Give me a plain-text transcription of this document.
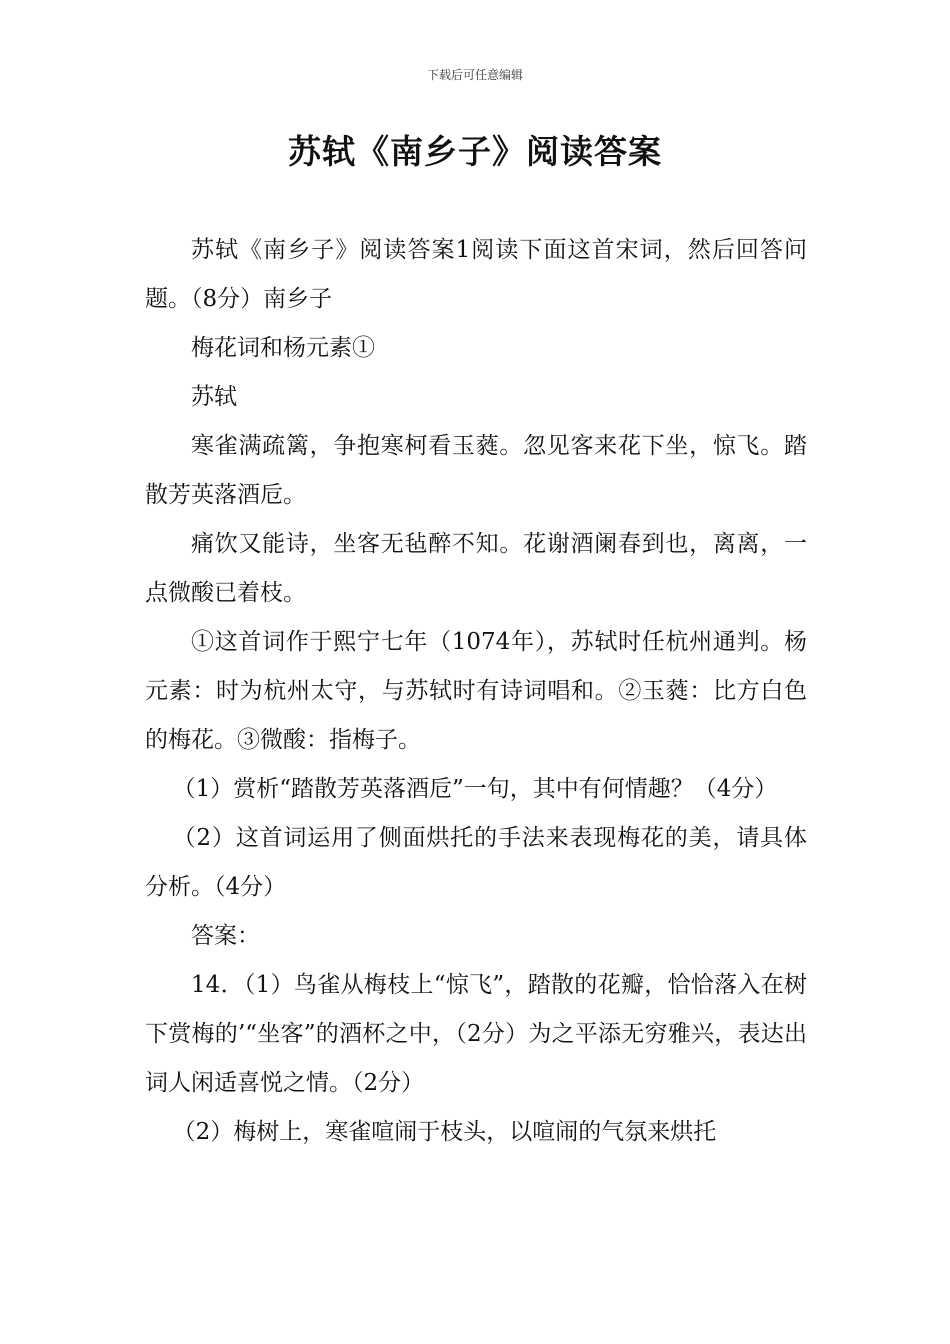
下载后可任意编辑
苏轼《南乡子》阅读答案

苏轼《南乡子》阅读答案1阅读下面这首宋词，然后回答问题。（8分）南乡子

梅花词和杨元素①

苏轼

寒雀满疏篱，争抱寒柯看玉蕤。忽见客来花下坐，惊飞。踏散芳英落酒卮。

痛饮又能诗，坐客无毡醉不知。花谢酒阑春到也，离离，一点微酸已着枝。

①这首词作于熙宁七年（1074年），苏轼时任杭州通判。杨元素：时为杭州太守，与苏轼时有诗词唱和。②玉蕤：比方白色的梅花。③微酸：指梅子。

（1）赏析“踏散芳英落酒卮”一句，其中有何情趣？（4分）

（2）这首词运用了侧面烘托的手法来表现梅花的美，请具体分析。（4分）

答案：

14．（1）鸟雀从梅枝上“惊飞”，踏散的花瓣，恰恰落入在树下赏梅的’“坐客”的酒杯之中，（2分）为之平添无穷雅兴，表达出词人闲适喜悦之情。（2分）

（2）梅树上，寒雀喧闹于枝头，以喧闹的气氛来烘托
